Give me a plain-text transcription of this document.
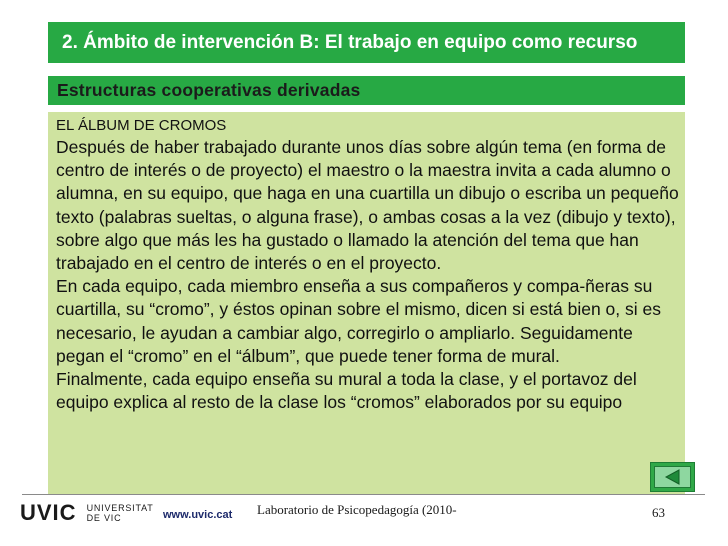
2. Ámbito de intervención B: El trabajo en equipo como recurso
Estructuras cooperativas derivadas
EL ÁLBUM DE CROMOS

Después de haber trabajado durante unos días sobre algún tema (en forma de centro de interés o de proyecto) el maestro o la maestra invita a cada alumno o alumna, en su equipo, que haga en una cuartilla un dibujo o escriba un pequeño texto (palabras sueltas, o alguna frase), o ambas cosas a la vez (dibujo y texto), sobre algo que más les ha gustado o llamado la atención del tema que han trabajado en el centro de interés o en el proyecto.

En cada equipo, cada miembro enseña a sus compañeros y compa-ñeras su cuartilla, su “cromo”, y éstos opinan sobre el mismo, dicen si está bien o, si es necesario, le ayudan a cambiar algo, corregirlo o ampliarlo. Seguidamente pegan el “cromo” en el “álbum”, que puede tener forma de mural.

Finalmente, cada equipo enseña su mural a toda la clase, y el portavoz del equipo explica al resto de la clase los “cromos” elaborados por su equipo

UVIC UNIVERSITAT
DE VIC	www.uvic.cat Laboratorio de Psicopedagogía (2010-	63
